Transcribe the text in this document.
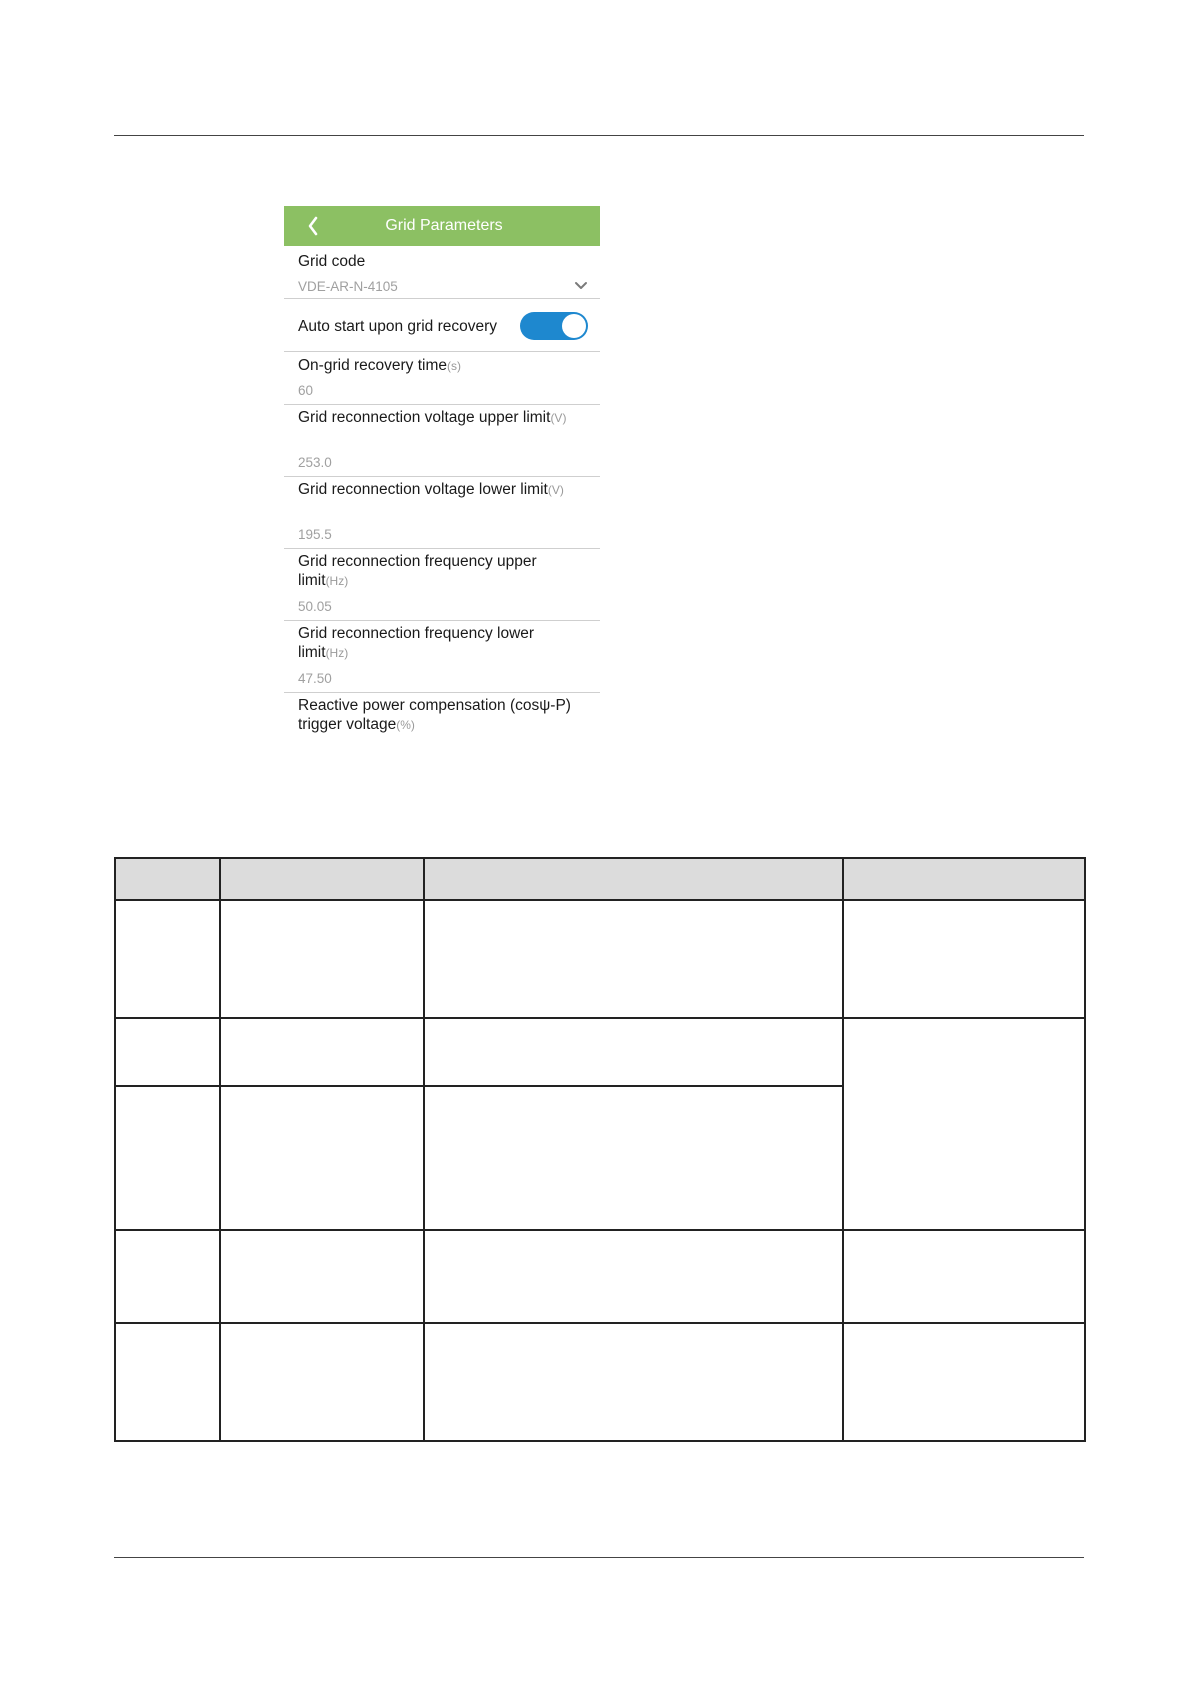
Grid Parameters
Grid code
VDE-AR-N-4105
Auto start upon grid recovery
On-grid recovery time(s)
60
Grid reconnection voltage upper limit(V)
253.0
Grid reconnection voltage lower limit(V)
195.5
Grid reconnection frequency upper limit(Hz)
50.05
Grid reconnection frequency lower limit(Hz)
47.50
Reactive power compensation (cosψ-P) trigger voltage(%)
